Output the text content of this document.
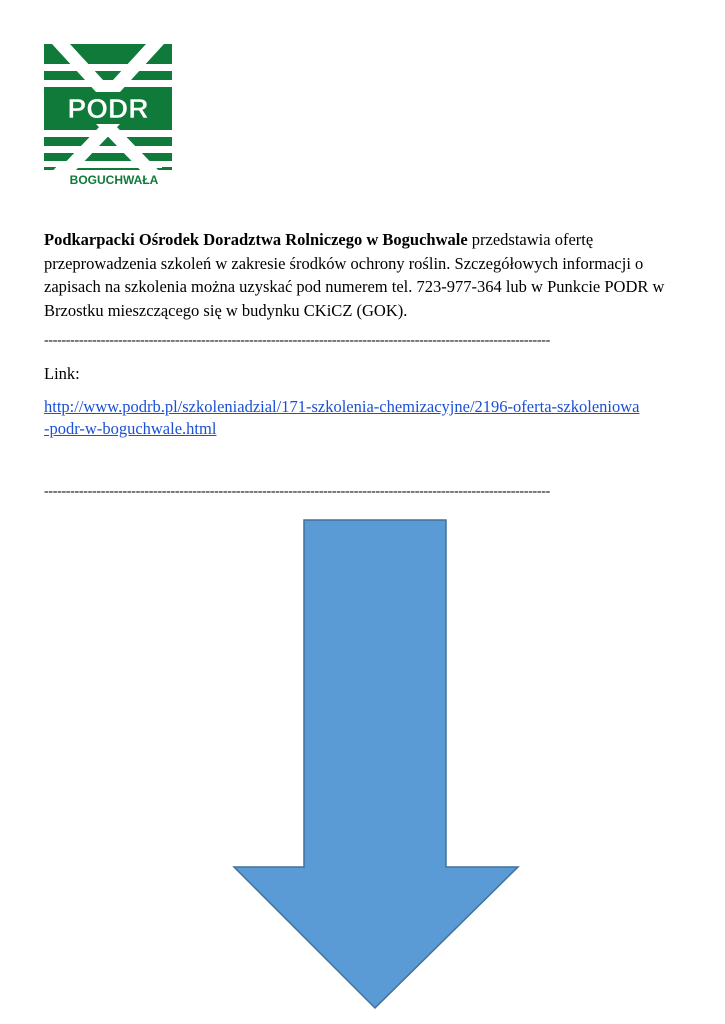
PODR
BOGUCHWAŁA

Podkarpacki Ośrodek Doradztwa Rolniczego w Boguchwale przedstawia ofertę przeprowadzenia szkoleń w zakresie środków ochrony roślin. Szczegółowych informacji o zapisach na szkolenia można uzyskać pod numerem tel. 723-977-364 lub w Punkcie PODR w Brzostku mieszczącego się w budynku CKiCZ (GOK).

--------------------------------------------------------------------------------------------------------------------

Link:

http://www.podrb.pl/szkoleniadzial/171-szkolenia-chemizacyjne/2196-oferta-szkoleniowa-podr-w-boguchwale.html
--------------------------------------------------------------------------------------------------------------------
